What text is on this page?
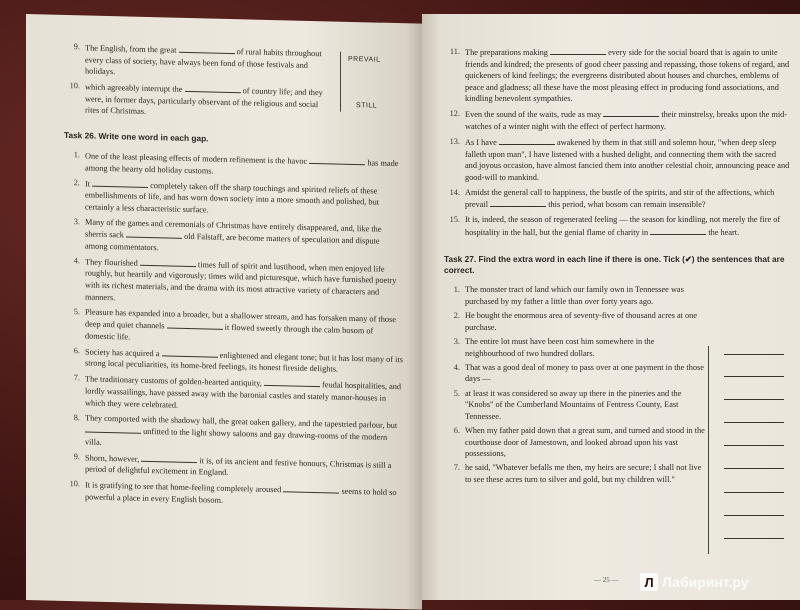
9. The English, from the great	of rural habits throughout every class of society, have always been fond of those festivals and holidays.
10. which agreeably interrupt the	of country life; and they were, in former days, particularly observant of the religious and social rites of Christmas.
PREVAIL
STILL
Task 26. Write one word in each gap.
1. One of the least pleasing effects of modern refinement is the havoc	has made among the hearty old holiday customs.
2. It	completely taken off the sharp touchings and spirited reliefs of these embellishments of life, and has worn down society into a more smooth and polished, but certainly a less characteristic surface.
3. Many of the games and ceremonials of Christmas have entirely disappeared, and, like the sherris sack	old Falstaff, are become matters of speculation and dispute among commentators.
4. They flourished	times full of spirit and lustihood, when men enjoyed life roughly, but heartily and vigorously; times wild and picturesque, which have furnished poetry with its richest materials, and the drama with its most attractive variety of characters and manners.
5. Pleasure has expanded into a broader, but a shallower stream, and has forsaken many of those deep and quiet channels	it flowed sweetly through the calm bosom of domestic life.
6. Society has acquired a	enlightened and elegant tone; but it has lost many of its strong local peculiarities, its home-bred feelings, its honest fireside delights.
7. The traditionary customs of golden-hearted antiquity,	feudal hospitalities, and lordly wassailings, have passed away with the baronial castles and stately manor-houses in which they were celebrated.
8. They comported with the shadowy hall, the great oaken gallery, and the tapestried parlour, but  unfitted to the light showy saloons and gay drawing-rooms of the modern villa.
9. Shorn, however,	it is, of its ancient and festive honours, Christmas is still a period of delightful excitement in England.
10. It is gratifying to see that home-feeling completely aroused	seems to hold so powerful a place in every English bosom.
11. The preparations making	every side for the social board that is again to unite friends and kindred; the presents of good cheer passing and repassing, those tokens of regard, and quickeners of kind feelings; the evergreens distributed about houses and churches, emblems of peace and gladness; all these have the most pleasing effect in producing fond associations, and kindling benevolent sympathies.
12. Even the sound of the waits, rude as may	their minstrelsy, breaks upon the mid-watches of a winter night with the effect of perfect harmony.
13. As I have	awakened by them in that still and solemn hour, "when deep sleep falleth upon man", I have listened with a hushed delight, and connecting them with the sacred and joyous occasion, have almost fancied them into another celestial choir, announcing peace and good-will to mankind.
14. Amidst the general call to happiness, the bustle of the spirits, and stir of the affections, which prevail	this period, what bosom can remain insensible?
15. It is, indeed, the season of regenerated feeling — the season for kindling, not merely the fire of hospitality in the hall, but the genial flame of charity in	the heart.
Task 27. Find the extra word in each line if there is one. Tick (✔) the sentences that are correct.
1. The monster tract of land which our family own in Tennessee was purchased by my father a little than over forty years ago.
2. He bought the enormous area of seventy-five of thousand acres at one purchase.
3. The entire lot must have been cost him somewhere in the neighbourhood of two hundred dollars.
4. That was a good deal of money to pass over at one payment in the those days —
5. at least it was considered so away up there in the pineries and the "Knobs" of the Cumberland Mountains of Fentress County, East Tennessee.
6. When my father paid down that a great sum, and turned and stood in the courthouse door of Jamestown, and looked abroad upon his vast possessions,
7. he said, "Whatever befalls me then, my heirs are secure; I shall not live to see these acres turn to silver and gold, but my children will."
— 25 —	Л Лабиринт.ру
